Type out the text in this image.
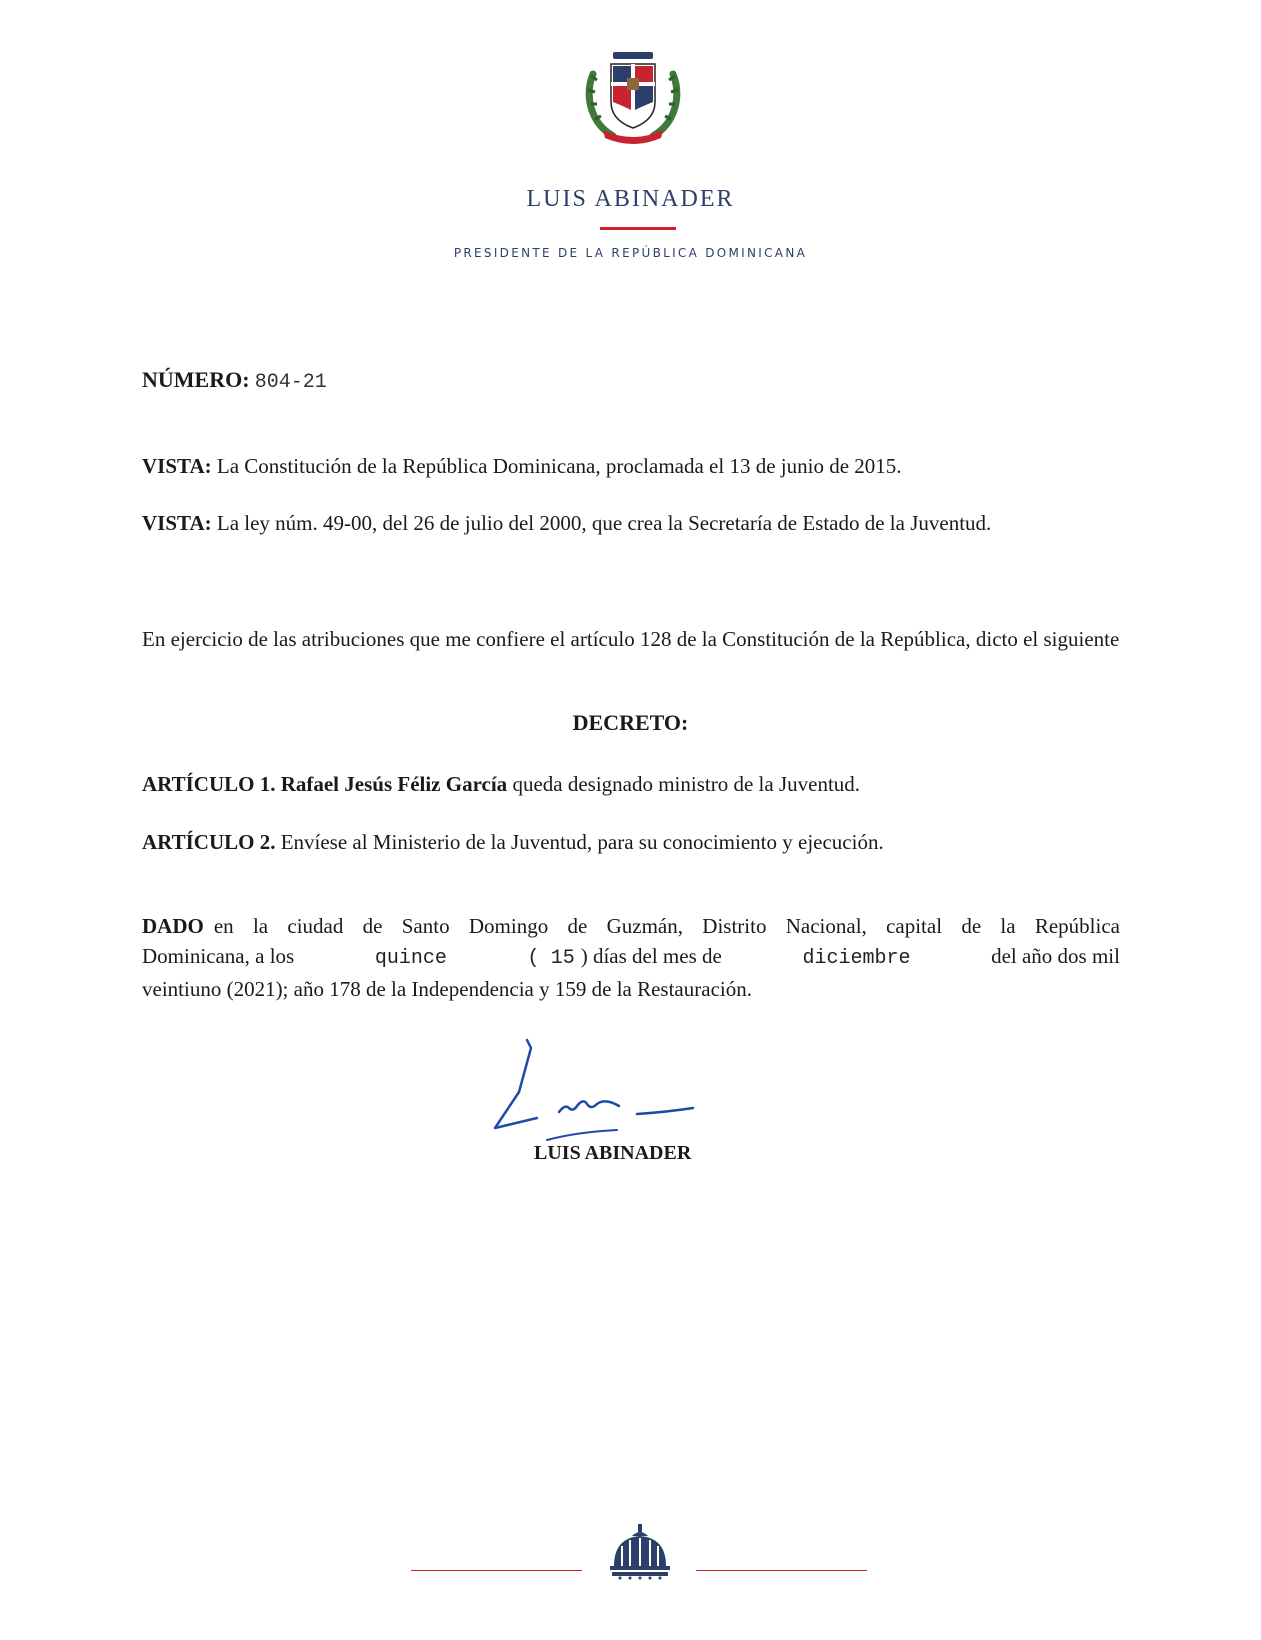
LUIS ABINADER
PRESIDENTE DE LA REPÚBLICA DOMINICANA
NÚMERO: 804-21
VISTA: La Constitución de la República Dominicana, proclamada el 13 de junio de 2015.
VISTA: La ley núm. 49-00, del 26 de julio del 2000, que crea la Secretaría de Estado de la Juventud.
En ejercicio de las atribuciones que me confiere el artículo 128 de la Constitución de la República, dicto el siguiente
DECRETO:
ARTÍCULO 1. Rafael Jesús Féliz García queda designado ministro de la Juventud.
ARTÍCULO 2. Envíese al Ministerio de la Juventud, para su conocimiento y ejecución.
DADO en la ciudad de Santo Domingo de Guzmán, Distrito Nacional, capital de la República
Dominicana, a los	quince	( 15 ) días del mes de	diciembre	del año dos mil
veintiuno (2021); año 178 de la Independencia y 159 de la Restauración.
LUIS ABINADER
